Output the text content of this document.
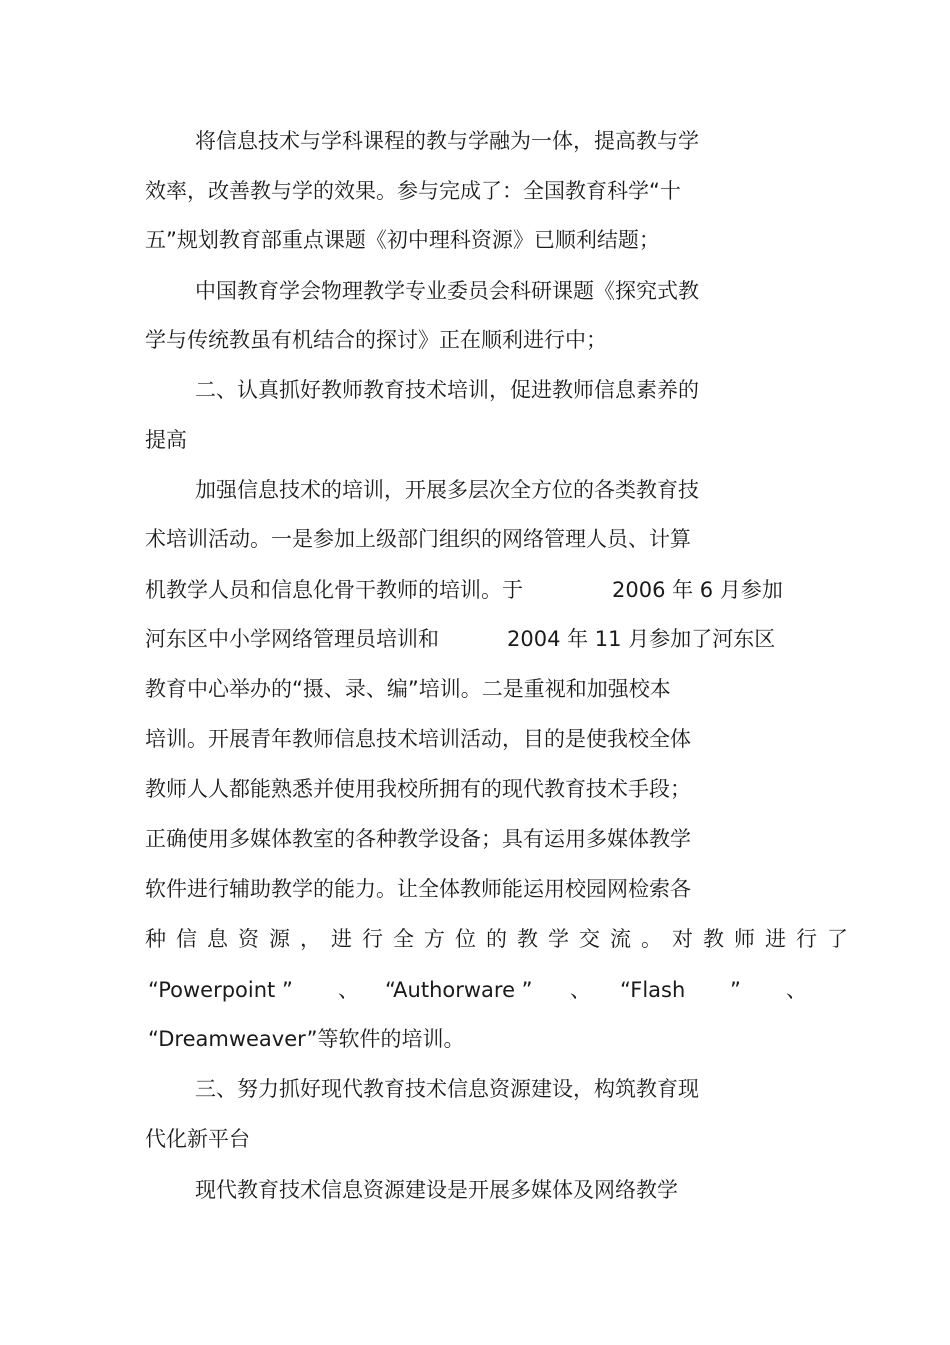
将信息技术与学科课程的教与学融为一体，提高教与学
效率，改善教与学的效果。参与完成了：全国教育科学“十
五”规划教育部重点课题《初中理科资源》已顺利结题；
中国教育学会物理教学专业委员会科研课题《探究式教
学与传统教虽有机结合的探讨》正在顺利进行中；
二、认真抓好教师教育技术培训，促进教师信息素养的
提高
加强信息技术的培训，开展多层次全方位的各类教育技
术培训活动。一是参加上级部门组织的网络管理人员、计算
机教学人员和信息化骨干教师的培训。于	2006 年 6 月参加
河东区中小学网络管理员培训和	2004 年 11 月参加了河东区
教育中心举办的“摄、录、编”培训。二是重视和加强校本
培训。开展青年教师信息技术培训活动，目的是使我校全体
教师人人都能熟悉并使用我校所拥有的现代教育技术手段；
正确使用多媒体教室的各种教学设备；具有运用多媒体教学
软件进行辅助教学的能力。让全体教师能运用校园网检索各
种信息资源，进行全方位的教学交流。对教师进行了
“Powerpoint ” 、 “Authorware ” 、 “Flash ” 、
“Dreamweaver”等软件的培训。
三、努力抓好现代教育技术信息资源建设，构筑教育现
代化新平台
现代教育技术信息资源建设是开展多媒体及网络教学
